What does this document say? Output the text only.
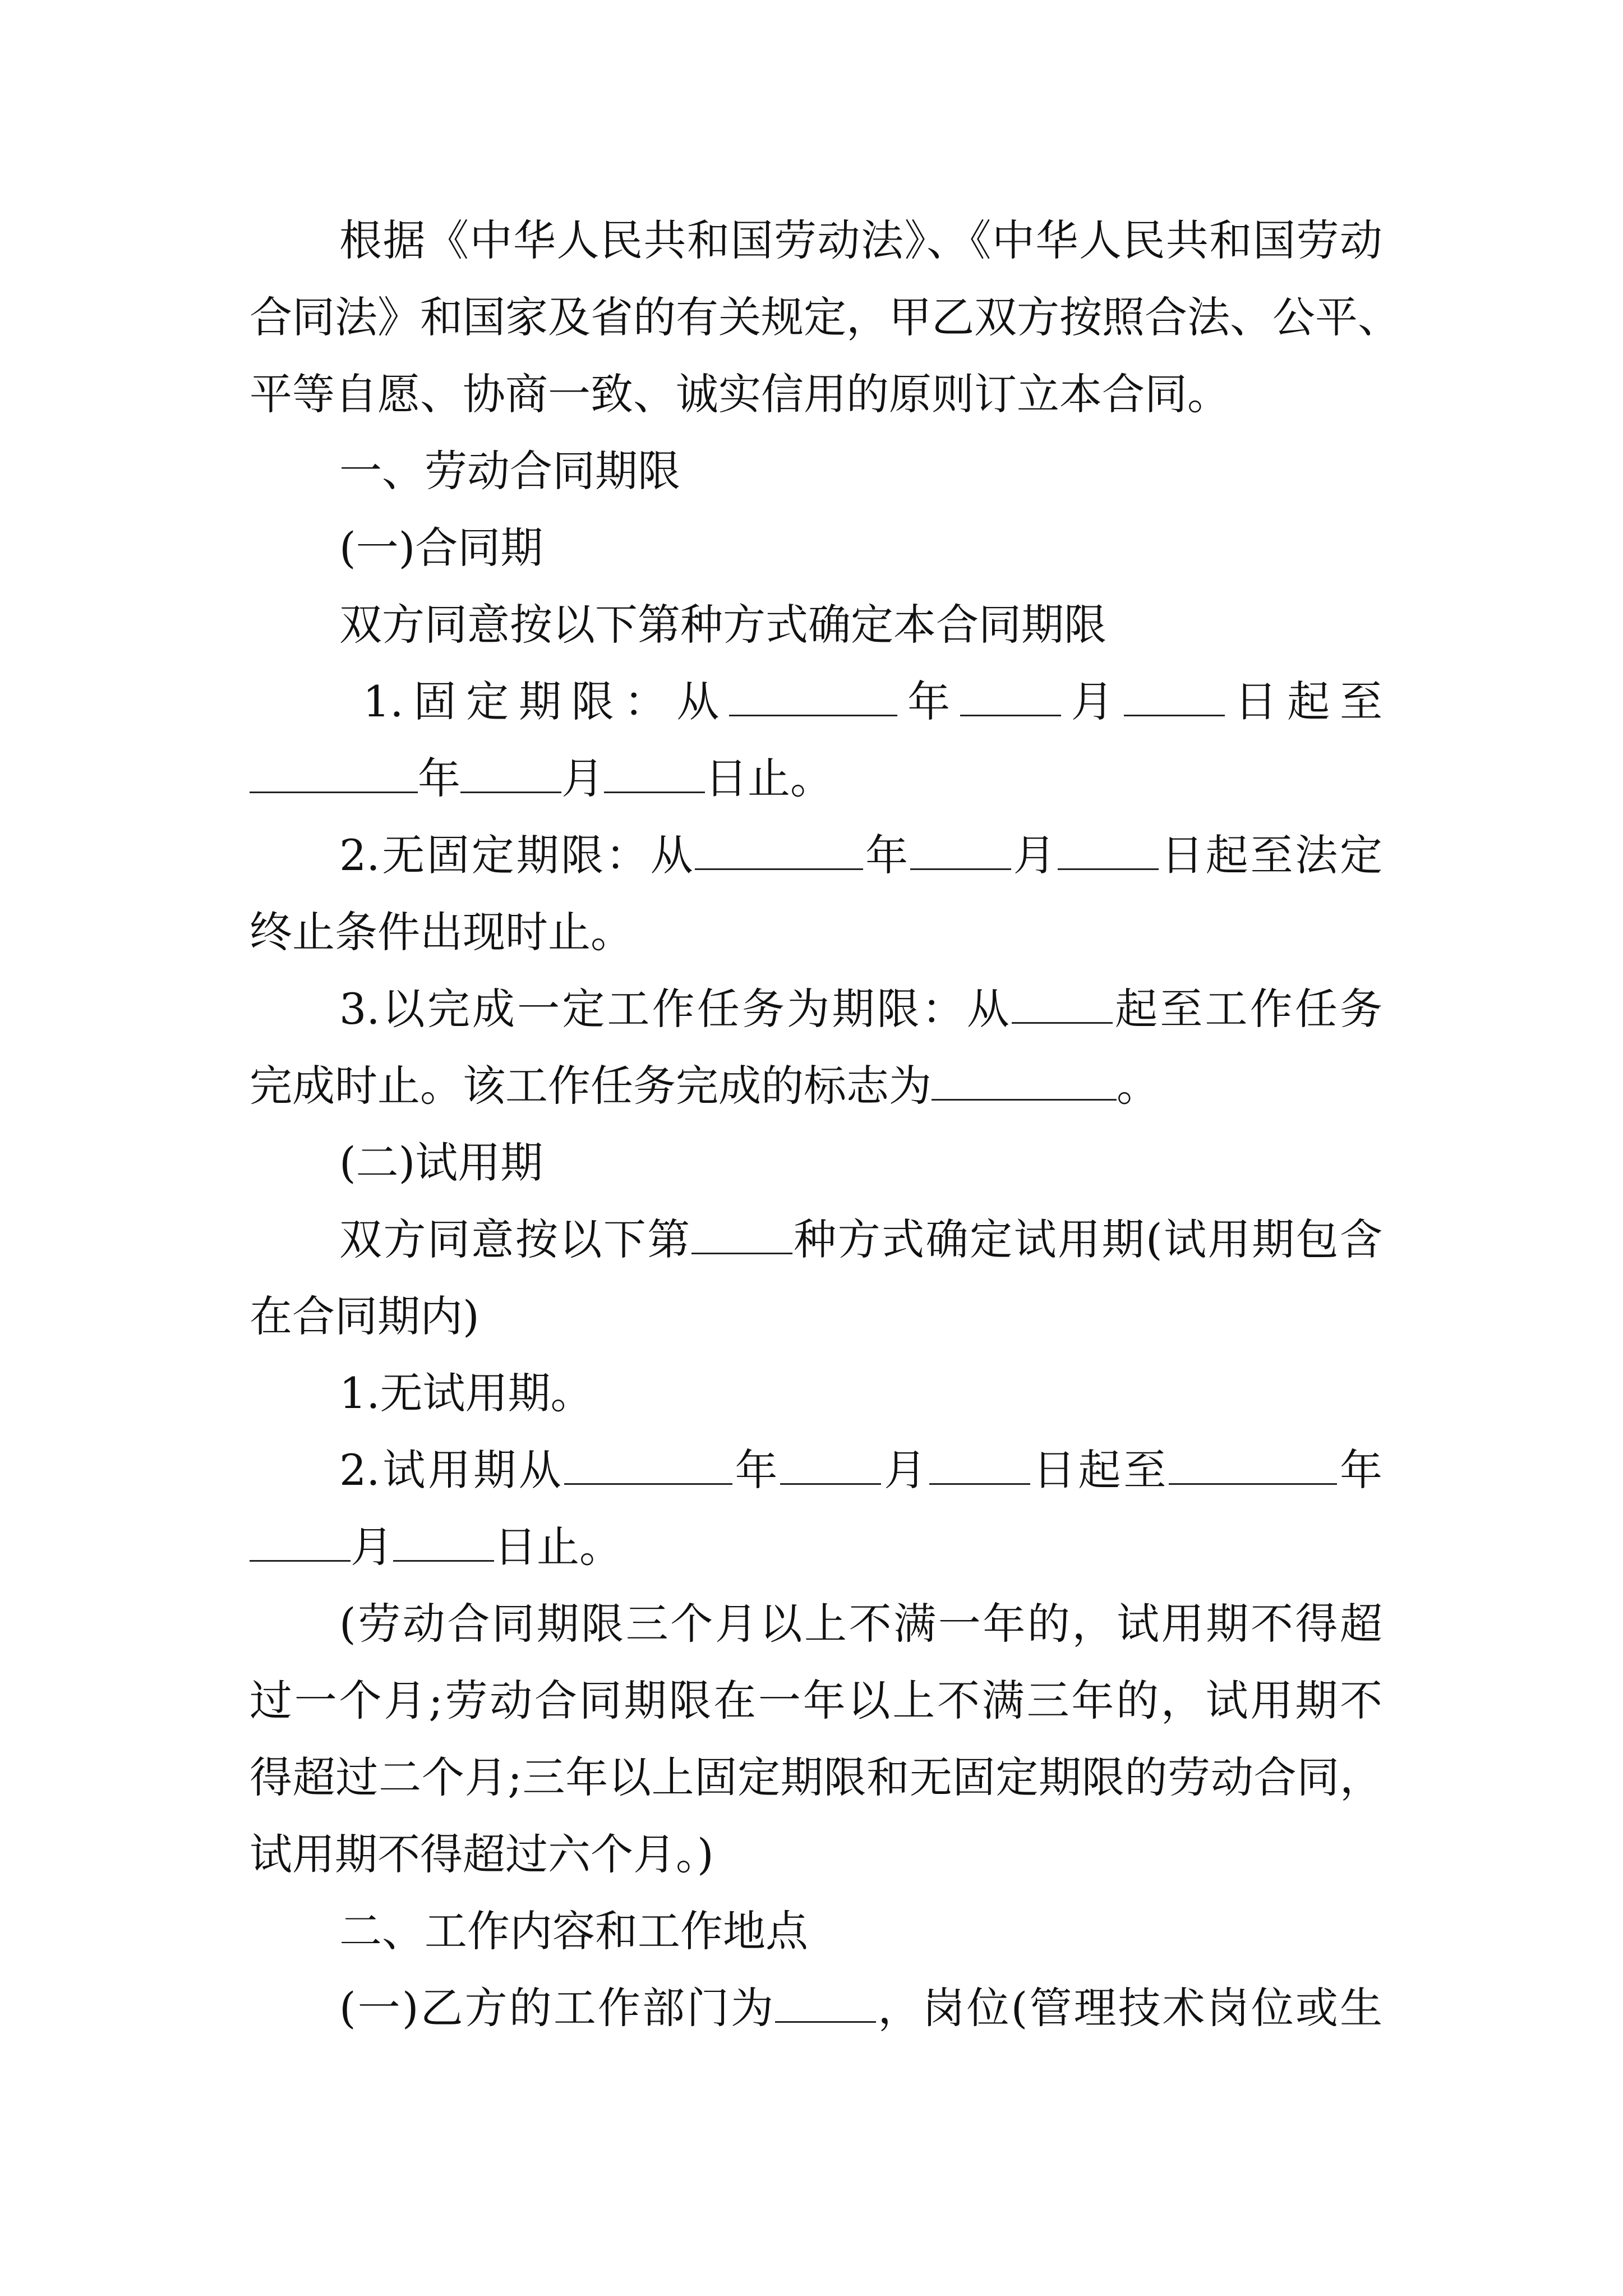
根据《中华人民共和国劳动法》、《中华人民共和国劳动
合同法》和国家及省的有关规定，甲乙双方按照合法、公平、
平等自愿、协商一致、诚实信用的原则订立本合同。
一、劳动合同期限
(一)合同期
双方同意按以下第种方式确定本合同期限
1.固定期限：从	年 月 日起至
年 月 日止。
2.无固定期限：从	年 月 日起至法定
终止条件出现时止。
3.以完成一定工作任务为期限：从 起至工作任务
完成时止。该工作任务完成的标志为	。
(二)试用期
双方同意按以下第 种方式确定试用期(试用期包含
在合同期内)
1.无试用期。
2.试用期从	年 月 日起至	年
月 日止。
(劳动合同期限三个月以上不满一年的，试用期不得超
过一个月;劳动合同期限在一年以上不满三年的，试用期不
得超过二个月;三年以上固定期限和无固定期限的劳动合同，
试用期不得超过六个月。)
二、工作内容和工作地点
(一)乙方的工作部门为 ，岗位(管理技术岗位或生
